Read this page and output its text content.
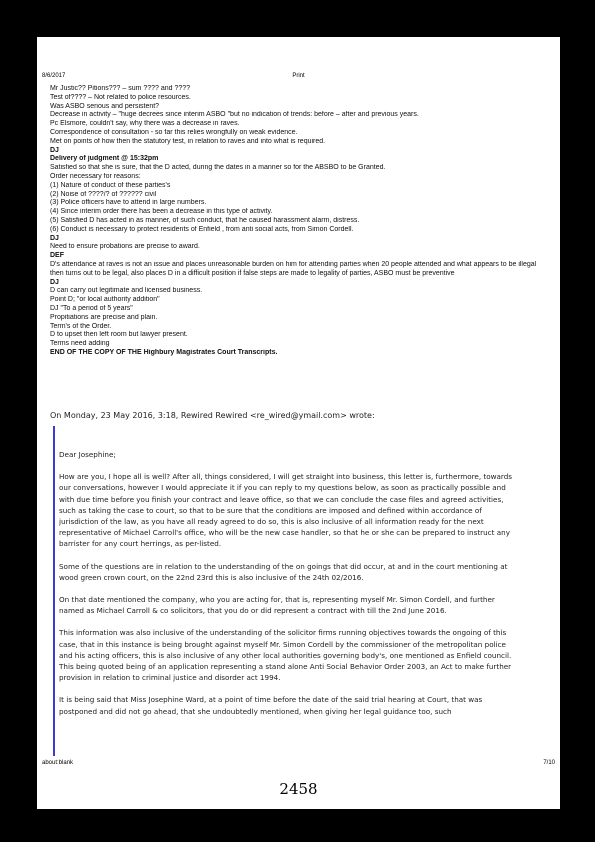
8/6/2017	Print
Mr Justic?? Pitions??? – sum ???? and ????
Test of???? – Not related to police resources.
Was ASBO serious and persistent?
Decrease in activity – "huge decrees since interim ASBO "but no indication of trends: before – after and previous years.
Pc Elsmore, couldn't say, why there was a decrease in raves.
Correspondence of consultation - so far this relies wrongfully on weak evidence.
Met on points of how then the statutory test, in relation to raves and into what is required.
DJ
Delivery of judgment @ 15:32pm
Satisfied so that she is sure, that the D acted, during the dates in a manner so for the ABSBO to be Granted.
Order necessary for reasons:
(1) Nature of conduct of these parties's
(2) Noise of ????/? of ?????? civil
(3) Police officers have to attend in large numbers.
(4) Since interim order there has been a decrease in this type of activity.
(5) Satisfied D has acted in as manner, of such conduct, that he caused harassment alarm, distress.
(6) Conduct is necessary to protect residents of Enfield , from anti social acts, from Simon Cordell.
DJ
Need to ensure probations are precise to award.
DEF
D's attendance at raves is not an issue and places unreasonable burden on him for attending parties when 20 people attended and what appears to be illegal then turns out to be legal, also places D in a difficult position if false steps are made to legality of parties, ASBO must be preventive
DJ
D can carry out legitimate and licensed business.
Point D; "or local authority addition"
DJ "To a period of 5 years"
Propitiations are precise and plain.
Term's of the Order.
D to upset then left room but lawyer present.
Terms need adding
END OF THE COPY OF THE Highbury Magistrates Court Transcripts.
On Monday, 23 May 2016, 3:18, Rewired Rewired <re_wired@ymail.com> wrote:

Dear Josephine;

How are you, I hope all is well? After all, things considered, I will get straight into business, this letter is, furthermore, towards our conversations, however I would appreciate it if you can reply to my questions below, as soon as practically possible and with due time before you finish your contract and leave office, so that we can conclude the case files and agreed activities, such as taking the case to court, so that to be sure that the conditions are imposed and defined within accordance of jurisdiction of the law, as you have all ready agreed to do so, this is also inclusive of all information ready for the next representative of Michael Carroll's office, who will be the new case handler, so that he or she can be prepared to instruct any barrister for any court herrings, as per-listed.

Some of the questions are in relation to the understanding of the on goings that did occur, at and in the court mentioning at wood green crown court, on the 22nd 23rd this is also inclusive of the 24th 02/2016.

On that date mentioned the company, who you are acting for, that is, representing myself Mr. Simon Cordell, and further named as Michael Carroll & co solicitors, that you do or did represent a contract with till the 2nd June 2016.

This information was also inclusive of the understanding of the solicitor firms running objectives towards the ongoing of this case, that in this instance is being brought against myself Mr. Simon Cordell by the commissioner of the metropolitan police and his acting officers, this is also inclusive of any other local authorities governing body's, one mentioned as Enfield council.

This being quoted being of an application representing a stand alone Anti Social Behavior Order 2003, an Act to make further provision in relation to criminal justice and disorder act 1994.

It is being said that Miss Josephine Ward, at a point of time before the date of the said trial hearing at Court, that was postponed and did not go ahead, that she undoubtedly mentioned, when giving her legal guidance too, such

about:blank	7/10
2458
